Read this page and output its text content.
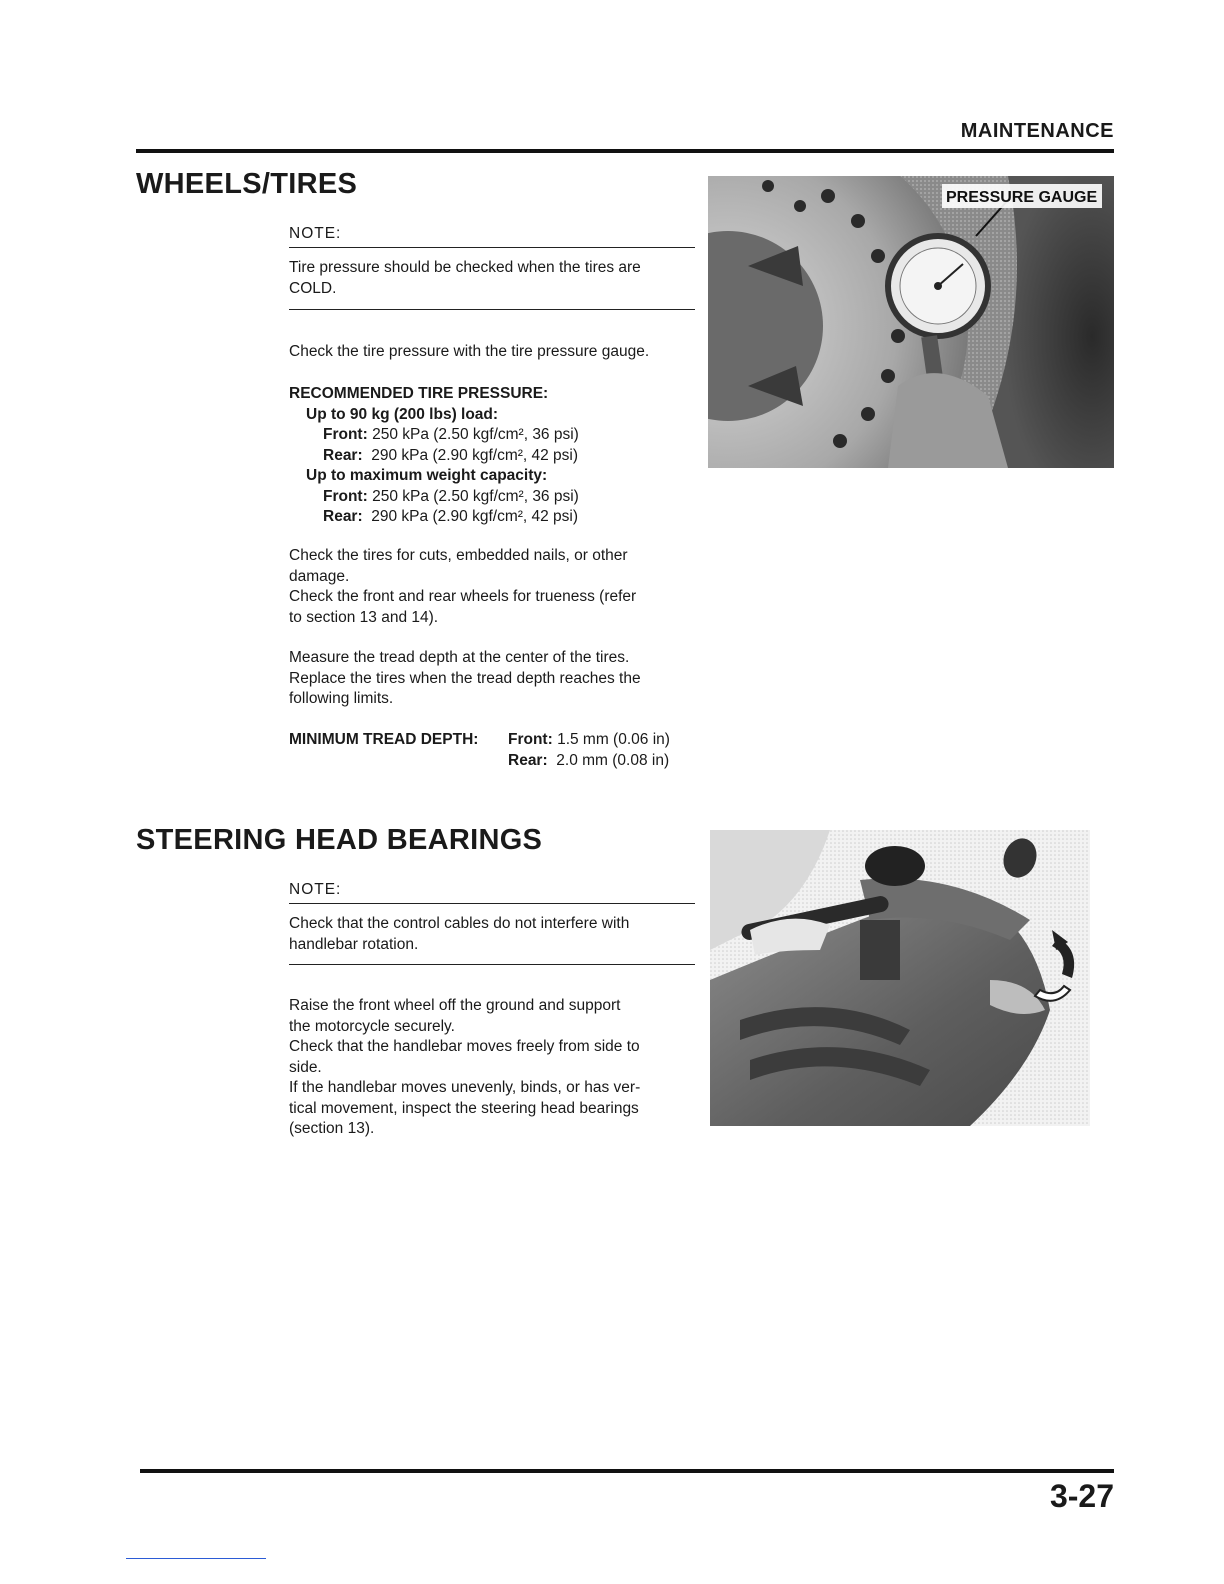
MAINTENANCE
WHEELS/TIRES
NOTE:

Tire pressure should be checked when the tires are

COLD.

Check the tire pressure with the tire pressure gauge.

RECOMMENDED TIRE PRESSURE:

Up to 90 kg (200 lbs) load:

Front: 250 kPa (2.50 kgf/cm², 36 psi)

Rear: 290 kPa (2.90 kgf/cm², 42 psi)

Up to maximum weight capacity:

Front: 250 kPa (2.50 kgf/cm², 36 psi)

Rear: 290 kPa (2.90 kgf/cm², 42 psi)

Check the tires for cuts, embedded nails, or other

damage.

Check the front and rear wheels for trueness (refer

to section 13 and 14).

Measure the tread depth at the center of the tires.

Replace the tires when the tread depth reaches the

following limits.

MINIMUM TREAD DEPTH: Front: 1.5 mm (0.06 in)
Rear: 2.0 mm (0.08 in)
PRESSURE GAUGE
STEERING HEAD BEARINGS
NOTE:

Check that the control cables do not interfere with

handlebar rotation.

Raise the front wheel off the ground and support

the motorcycle securely.

Check that the handlebar moves freely from side to

side.

If the handlebar moves unevenly, binds, or has ver-

tical movement, inspect the steering head bearings

(section 13).

3-27
